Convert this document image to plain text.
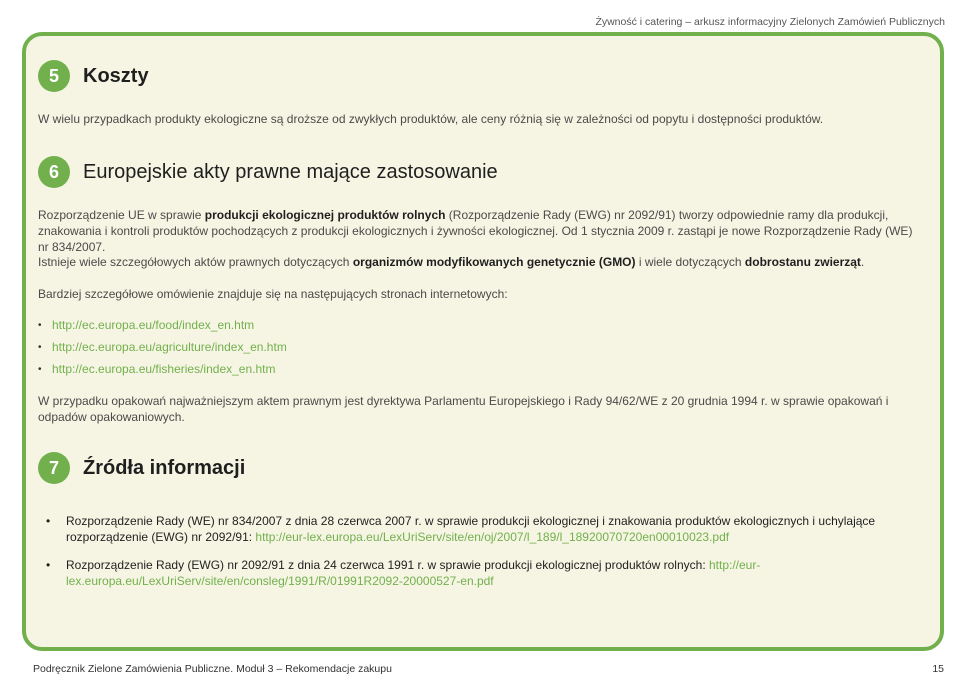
Żywność i catering – arkusz informacyjny Zielonych Zamówień Publicznych
5	Koszty
W wielu przypadkach produkty ekologiczne są droższe od zwykłych produktów, ale ceny różnią się w zależności od popytu i dostępności produktów.
6	Europejskie akty prawne mające zastosowanie
Rozporządzenie UE w sprawie produkcji ekologicznej produktów rolnych (Rozporządzenie Rady (EWG) nr 2092/91) tworzy odpowiednie ramy dla produkcji, znakowania i kontroli produktów pochodzących z produkcji ekologicznych i żywności ekologicznej. Od 1 stycznia 2009 r. zastąpi je nowe Rozporządzenie Rady (WE) nr 834/2007.
Istnieje wiele szczegółowych aktów prawnych dotyczących organizmów modyfikowanych genetycznie (GMO) i wiele dotyczących dobrostanu zwierząt.
Bardziej szczegółowe omówienie znajduje się na następujących stronach internetowych:
• http://ec.europa.eu/food/index_en.htm
• http://ec.europa.eu/agriculture/index_en.htm
• http://ec.europa.eu/fisheries/index_en.htm
W przypadku opakowań najważniejszym aktem prawnym jest dyrektywa Parlamentu Europejskiego i Rady 94/62/WE z 20 grudnia 1994 r. w sprawie opakowań i odpadów opakowaniowych.
7	Źródła informacji
•	Rozporządzenie Rady (WE) nr 834/2007 z dnia 28 czerwca 2007 r. w sprawie produkcji ekologicznej i znakowania produktów ekologicznych i uchylające rozporządzenie (EWG) nr 2092/91: http://eur-lex.europa.eu/LexUriServ/site/en/oj/2007/l_189/l_18920070720en00010023.pdf
•	Rozporządzenie Rady (EWG) nr 2092/91 z dnia 24 czerwca 1991 r. w sprawie produkcji ekologicznej produktów rolnych: http://eur-lex.europa.eu/LexUriServ/site/en/consleg/1991/R/01991R2092-20000527-en.pdf
Podręcznik Zielone Zamówienia Publiczne. Moduł 3 – Rekomendacje zakupu	15
